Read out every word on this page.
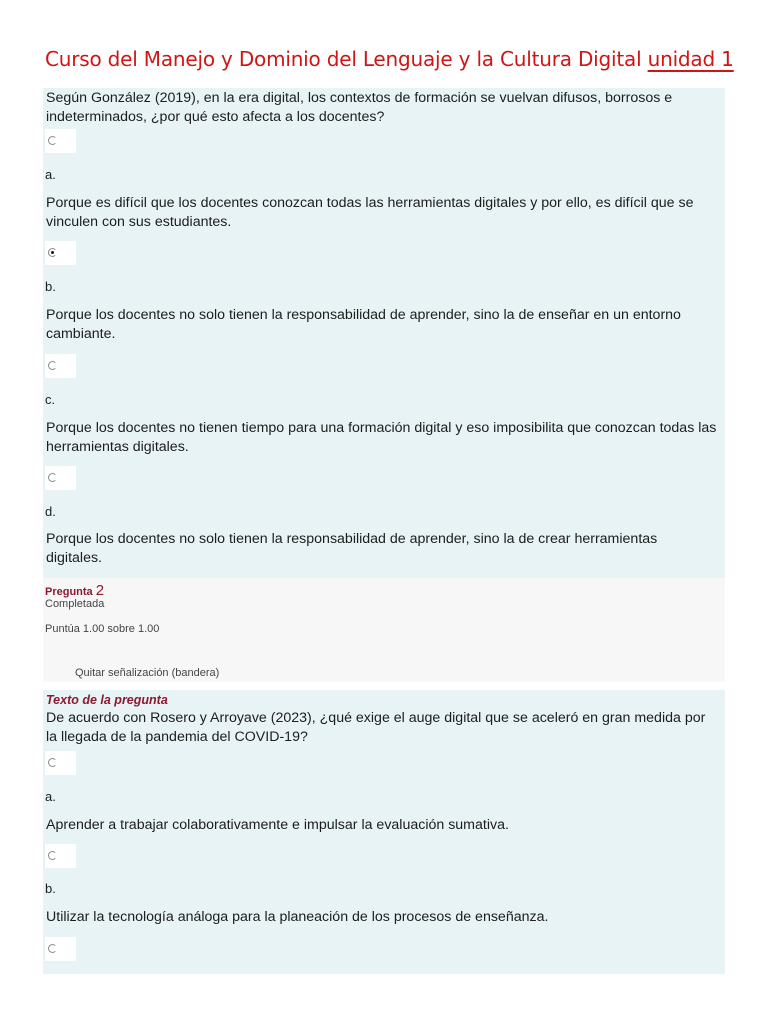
Curso del Manejo y Dominio del Lenguaje y la Cultura Digital unidad 1
Según González (2019), en la era digital, los contextos de formación se vuelvan difusos, borrosos e indeterminados, ¿por qué esto afecta a los docentes?
a.
Porque es difícil que los docentes conozcan todas las herramientas digitales y por ello, es difícil que se vinculen con sus estudiantes.
b.
Porque los docentes no solo tienen la responsabilidad de aprender, sino la de enseñar en un entorno cambiante.
c.
Porque los docentes no tienen tiempo para una formación digital y eso imposibilita que conozcan todas las herramientas digitales.
d.
Porque los docentes no solo tienen la responsabilidad de aprender, sino la de crear herramientas digitales.
Pregunta 2
Completada
Puntúa 1.00 sobre 1.00
Quitar señalización (bandera)
Texto de la pregunta
De acuerdo con Rosero y Arroyave (2023), ¿qué exige el auge digital que se aceleró en gran medida por la llegada de la pandemia del COVID-19?
a.
Aprender a trabajar colaborativamente e impulsar la evaluación sumativa.
b.
Utilizar la tecnología análoga para la planeación de los procesos de enseñanza.
